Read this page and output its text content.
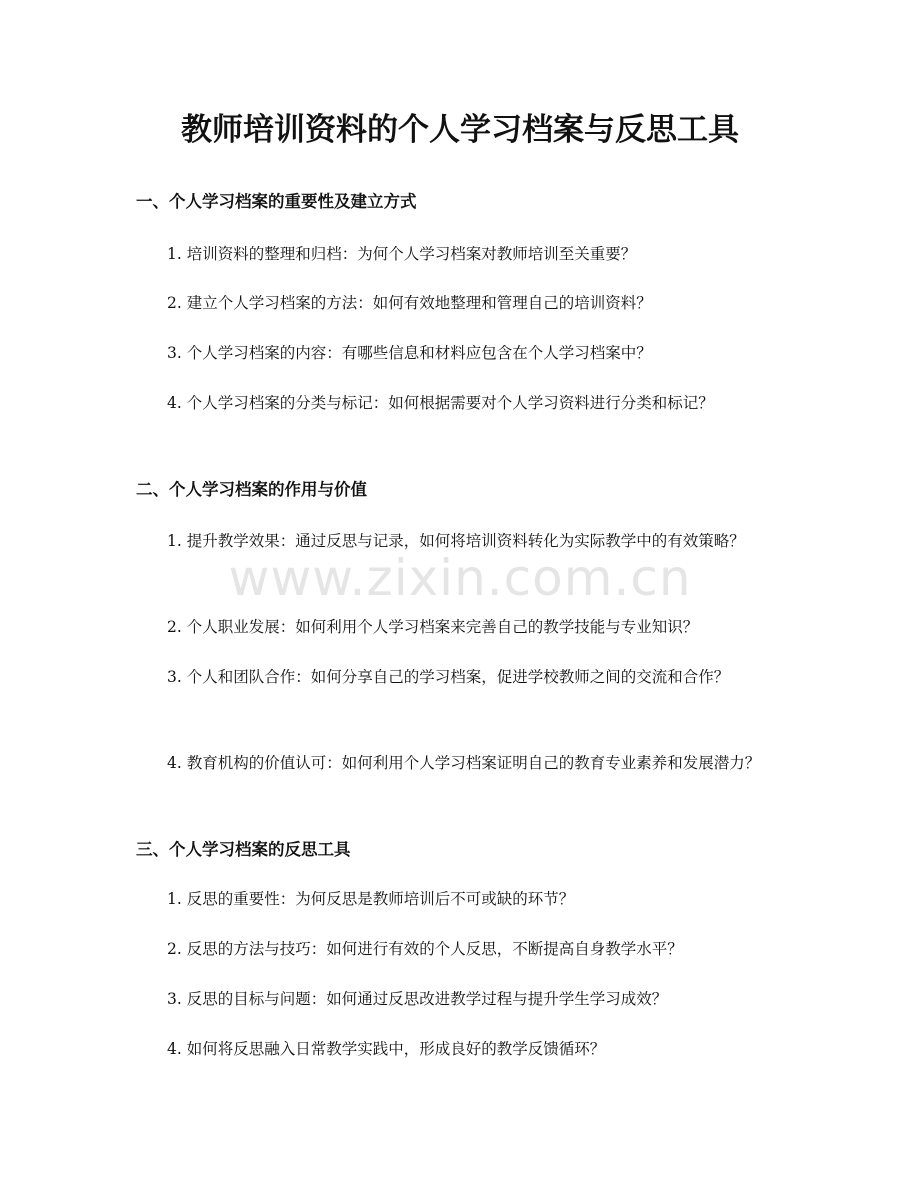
教师培训资料的个人学习档案与反思工具
一、个人学习档案的重要性及建立方式

1. 培训资料的整理和归档：为何个人学习档案对教师培训至关重要？

2. 建立个人学习档案的方法：如何有效地整理和管理自己的培训资料？

3. 个人学习档案的内容：有哪些信息和材料应包含在个人学习档案中？

4. 个人学习档案的分类与标记：如何根据需要对个人学习资料进行分类和标记？

二、个人学习档案的作用与价值

1. 提升教学效果：通过反思与记录，如何将培训资料转化为实际教学中的有效策略？

2. 个人职业发展：如何利用个人学习档案来完善自己的教学技能与专业知识？

3. 个人和团队合作：如何分享自己的学习档案，促进学校教师之间的交流和合作？

4. 教育机构的价值认可：如何利用个人学习档案证明自己的教育专业素养和发展潜力？

三、个人学习档案的反思工具

1. 反思的重要性：为何反思是教师培训后不可或缺的环节？

2. 反思的方法与技巧：如何进行有效的个人反思，不断提高自身教学水平？

3. 反思的目标与问题：如何通过反思改进教学过程与提升学生学习成效？

4. 如何将反思融入日常教学实践中，形成良好的教学反馈循环？

www.zixin.com.cn
